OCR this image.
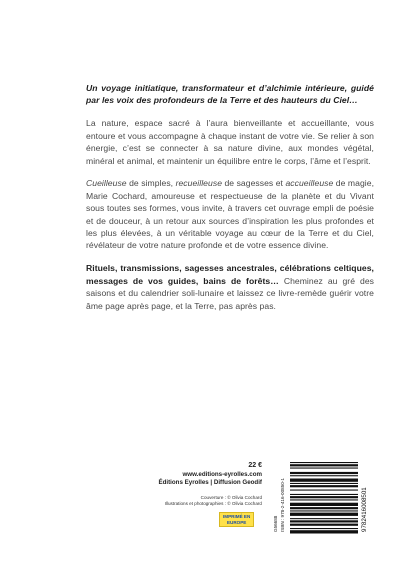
Un voyage initiatique, transformateur et d’alchimie intérieure, guidé par les voix des profondeurs de la Terre et des hauteurs du Ciel…

La nature, espace sacré à l’aura bienveillante et accueillante, vous entoure et vous accompagne à chaque instant de votre vie. Se relier à son énergie, c’est se connecter à sa nature divine, aux mondes végétal, minéral et animal, et maintenir un équilibre entre le corps, l’âme et l’esprit.

Cueilleuse de simples, recueilleuse de sagesses et accueilleuse de magie, Marie Cochard, amoureuse et respectueuse de la planète et du Vivant sous toutes ses formes, vous invite, à travers cet ouvrage empli de poésie et de douceur, à un retour aux sources d’inspiration les plus profondes et les plus élevées, à un véritable voyage au cœur de la Terre et du Ciel, révélateur de votre nature profonde et de votre essence divine.

Rituels, transmissions, sagesses ancestrales, célébrations celtiques, messages de vos guides, bains de forêts… Cheminez au gré des saisons et du calendrier soli-lunaire et laissez ce livre-remède guérir votre âme page après page, et la Terre, pas après pas.

22 €
www.editions-eyrolles.com
Éditions Eyrolles | Diffusion Geodif
Couverture : © Olivia Cochard
Illustrations et photographies : © Olivia Cochard
IMPRIMÉ EN
EUROPE	G56688 ISBN : 978-2-416-00850-1	9782416008501
